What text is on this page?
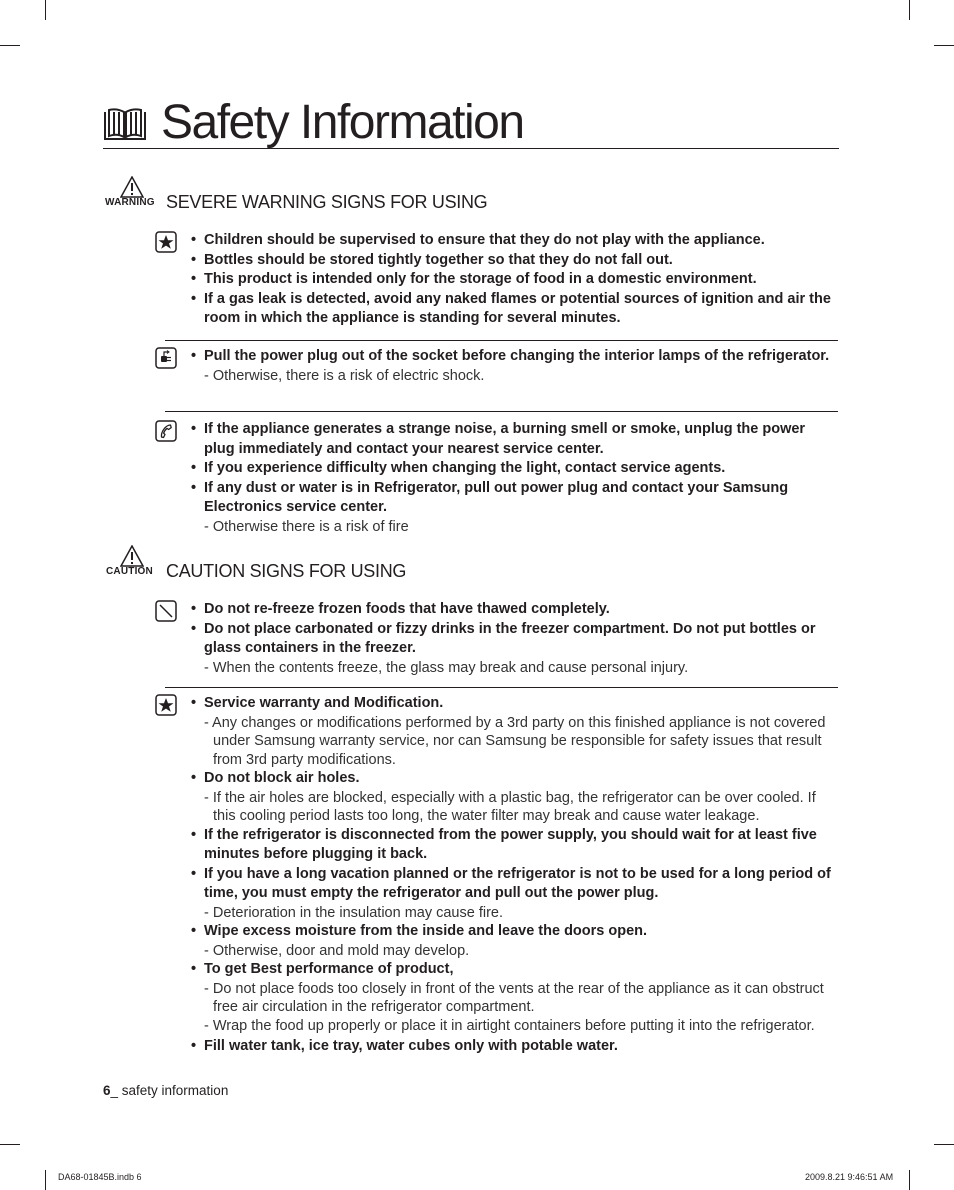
Safety Information
WARNING SEVERE WARNING SIGNS FOR USING
• Children should be supervised to ensure that they do not play with the appliance.
• Bottles should be stored tightly together so that they do not fall out.
• This product is intended only for the storage of food in a domestic environment.
• If a gas leak is detected, avoid any naked flames or potential sources of ignition and air the room in which the appliance is standing for several minutes.
• Pull the power plug out of the socket before changing the interior lamps of the refrigerator.
- Otherwise, there is a risk of electric shock.
• If the appliance generates a strange noise, a burning smell or smoke, unplug the power plug immediately and contact your nearest service center.
• If you experience difficulty when changing the light, contact service agents.
• If any dust or water is in Refrigerator, pull out power plug and contact your Samsung Electronics service center.
- Otherwise there is a risk of fire
CAUTION CAUTION SIGNS FOR USING
• Do not re-freeze frozen foods that have thawed completely.
• Do not place carbonated or fizzy drinks in the freezer compartment. Do not put bottles or glass containers in the freezer.
- When the contents freeze, the glass may break and cause personal injury.
• Service warranty and Modification.
- Any changes or modifications performed by a 3rd party on this finished appliance is not covered under Samsung warranty service, nor can Samsung be responsible for safety issues that result from 3rd party modifications.
• Do not block air holes.
- If the air holes are blocked, especially with a plastic bag, the refrigerator can be over cooled. If this cooling period lasts too long, the water filter may break and cause water leakage.
• If the refrigerator is disconnected from the power supply, you should wait for at least five minutes before plugging it back.
• If you have a long vacation planned or the refrigerator is not to be used for a long period of time, you must empty the refrigerator and pull out the power plug.
- Deterioration in the insulation may cause fire.
• Wipe excess moisture from the inside and leave the doors open.
- Otherwise, door and mold may develop.
• To get Best performance of product,
- Do not place foods too closely in front of the vents at the rear of the appliance as it can obstruct free air circulation in the refrigerator compartment.
- Wrap the food up properly or place it in airtight containers before putting it into the refrigerator.
• Fill water tank, ice tray, water cubes only with potable water.
6_ safety information
DA68-01845B.indb 6	2009.8.21 9:46:51 AM
